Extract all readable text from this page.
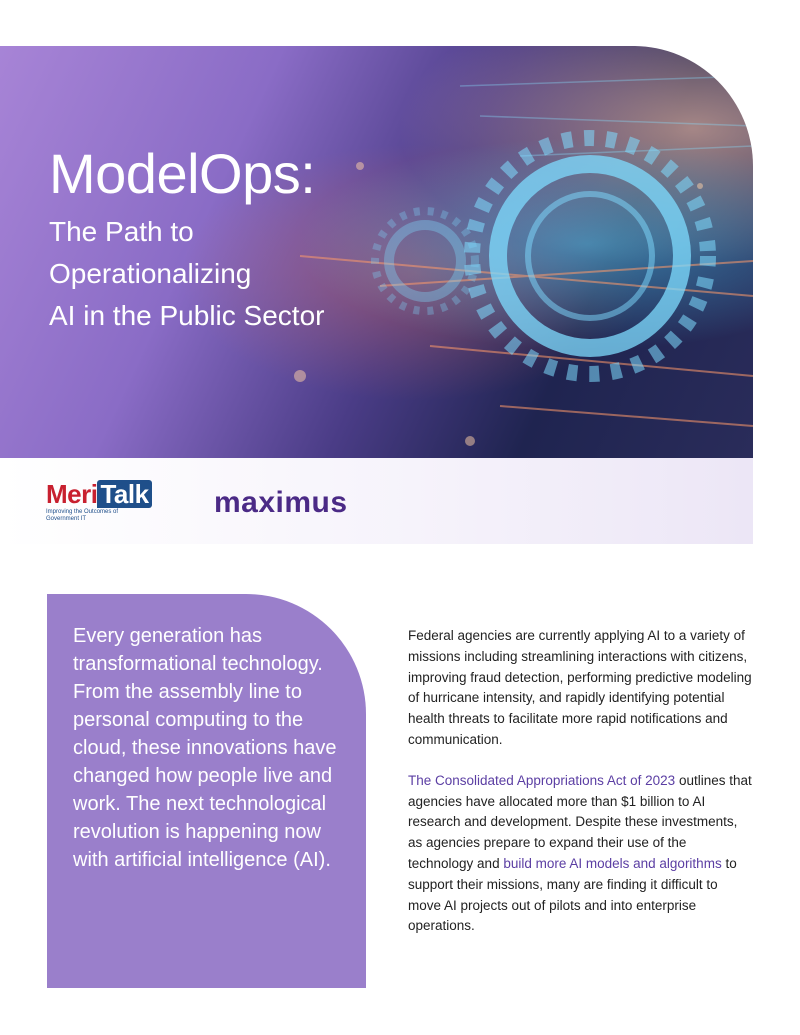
ModelOps:
The Path to
Operationalizing
AI in the Public Sector
Meri Talk
Improving the Outcomes of Government IT	maximus

Every generation has transformational technology. From the assembly line to personal computing to the cloud, these innovations have changed how people live and work. The next technological revolution is happening now with artificial intelligence (AI).

Federal agencies are currently applying AI to a variety of missions including streamlining interactions with citizens, improving fraud detection, performing predictive modeling of hurricane intensity, and rapidly identifying potential health threats to facilitate more rapid notifications and communication.

The Consolidated Appropriations Act of 2023 outlines that agencies have allocated more than $1 billion to AI research and development. Despite these investments, as agencies prepare to expand their use of the technology and build more AI models and algorithms to support their missions, many are finding it difficult to move AI projects out of pilots and into enterprise operations.
